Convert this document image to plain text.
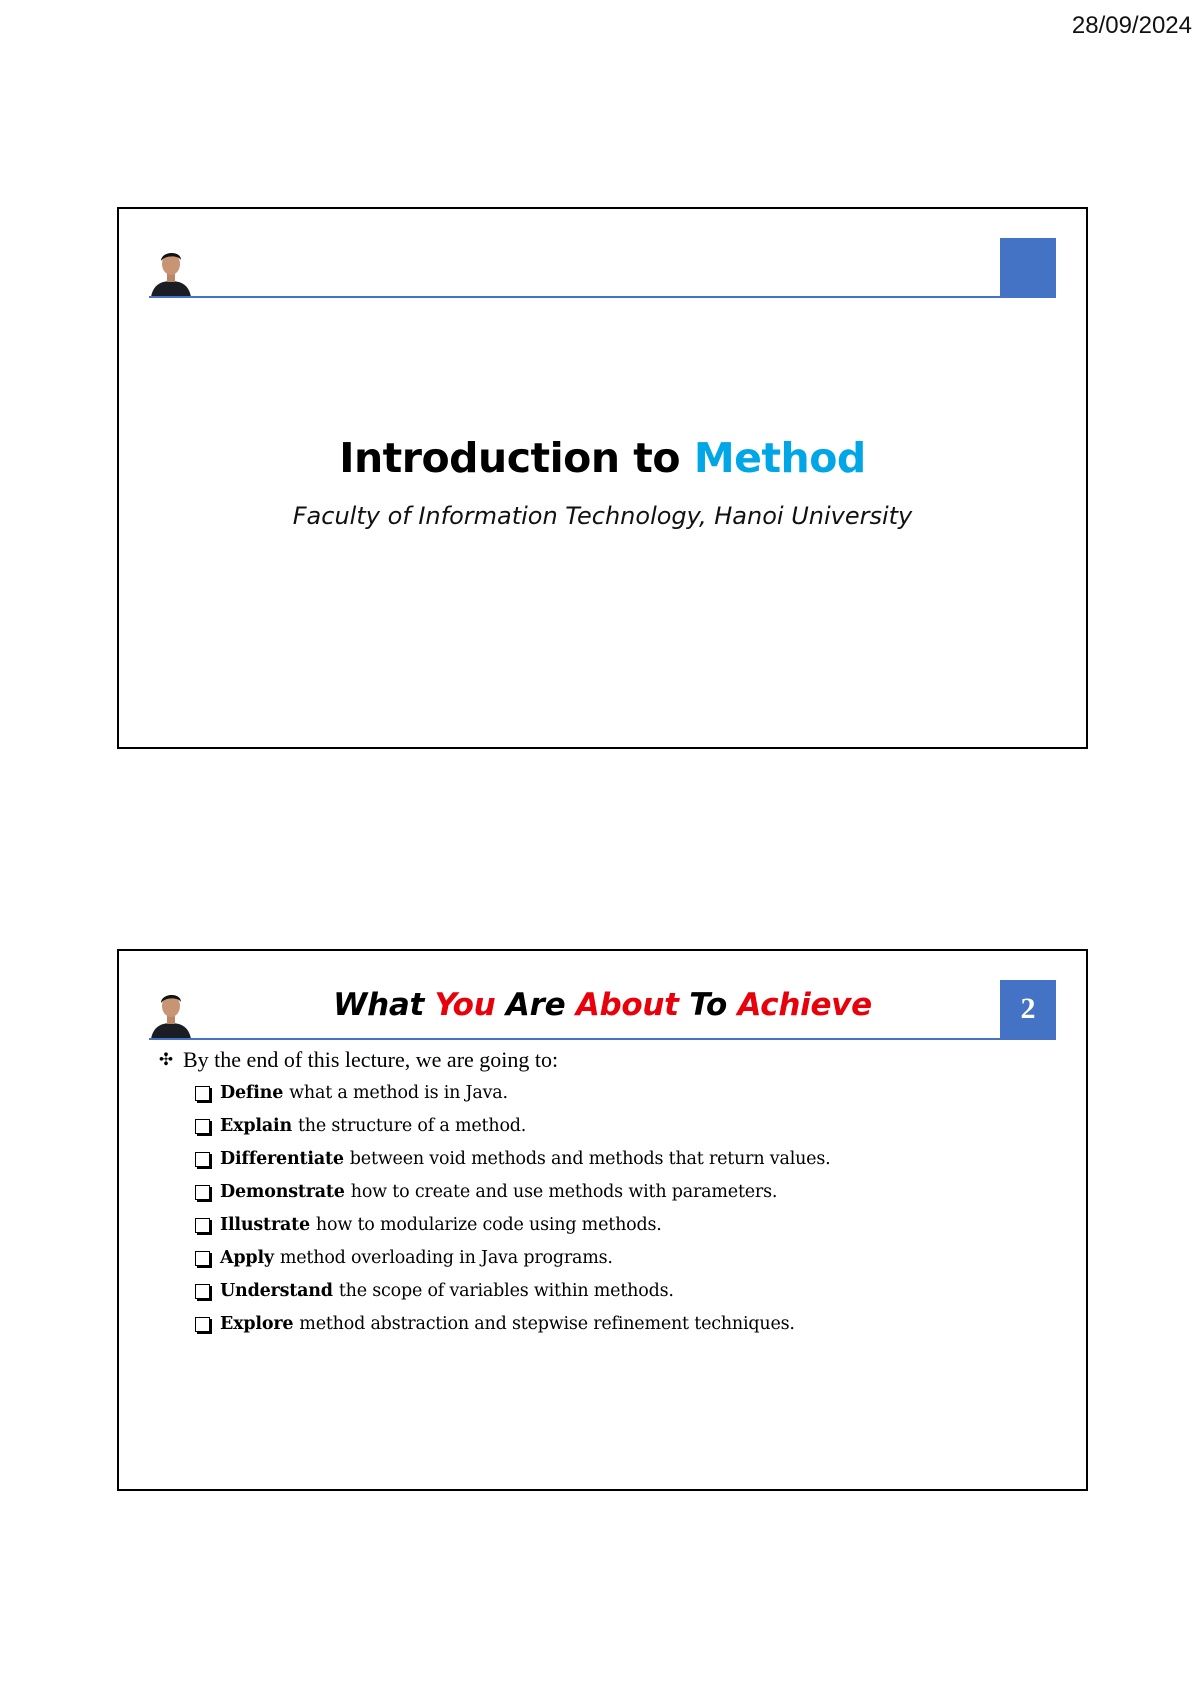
28/09/2024
Introduction to Method
Faculty of Information Technology, Hanoi University
2
What You Are About To Achieve
✣ By the end of this lecture, we are going to:
Define what a method is in Java.
Explain the structure of a method.
Differentiate between void methods and methods that return values.
Demonstrate how to create and use methods with parameters.
Illustrate how to modularize code using methods.
Apply method overloading in Java programs.
Understand the scope of variables within methods.
Explore method abstraction and stepwise refinement techniques.
